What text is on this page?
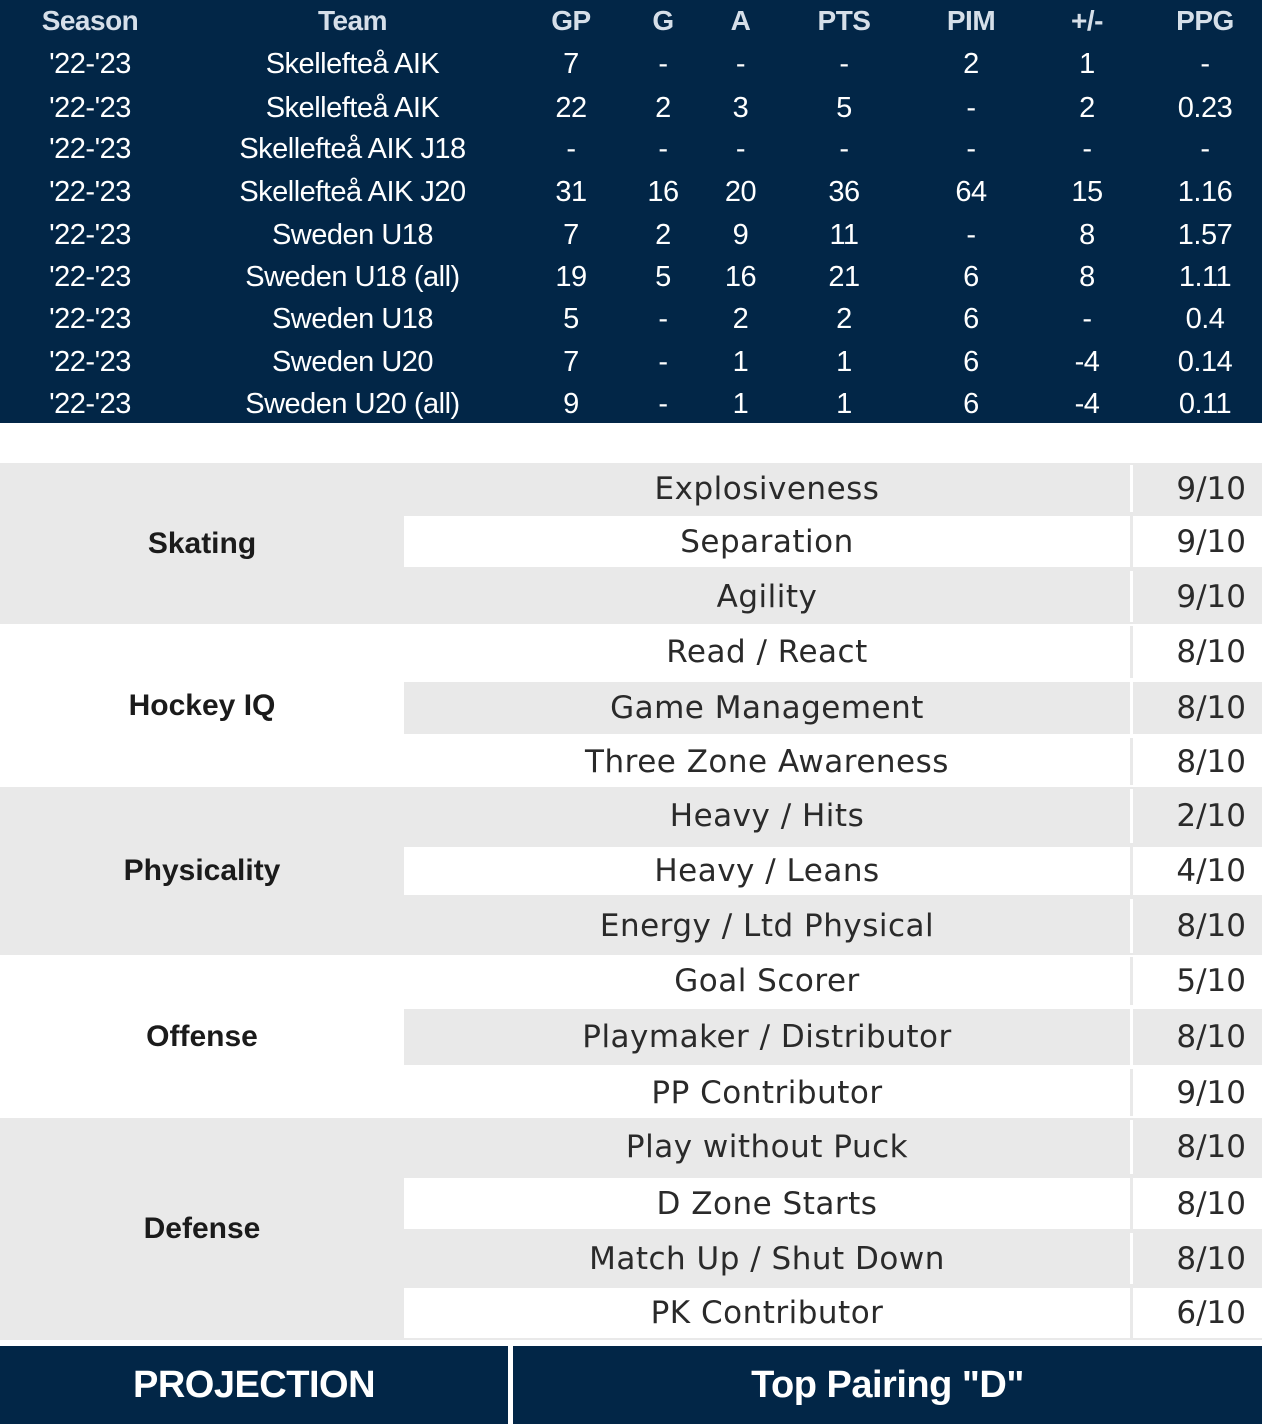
Season	Team	GP	G	A	PTS	PIM	+/-	PPG
'22-'23	Skellefteå AIK	7	-	-	-	2	1	-
'22-'23	Skellefteå AIK	22	2	3	5	-	2	0.23
'22-'23	Skellefteå AIK J18	-	-	-	-	-	-	-
'22-'23	Skellefteå AIK J20	31	16	20	36	64	15	1.16
'22-'23	Sweden U18	7	2	9	11	-	8	1.57
'22-'23	Sweden U18 (all)	19	5	16	21	6	8	1.11
'22-'23	Sweden U18	5	-	2	2	6	-	0.4
'22-'23	Sweden U20	7	-	1	1	6	-4	0.14
'22-'23	Sweden U20 (all)	9	-	1	1	6	-4	0.11
Skating
Explosiveness	9/10
Separation	9/10
Agility	9/10
Hockey IQ
Read / React	8/10
Game Management	8/10
Three Zone Awareness	8/10
Physicality
Heavy / Hits	2/10
Heavy / Leans	4/10
Energy / Ltd Physical	8/10
Offense
Goal Scorer	5/10
Playmaker / Distributor	8/10
PP Contributor	9/10
Defense
Play without Puck	8/10
D Zone Starts	8/10
Match Up / Shut Down	8/10
PK Contributor	6/10
PROJECTION	Top Pairing "D"
